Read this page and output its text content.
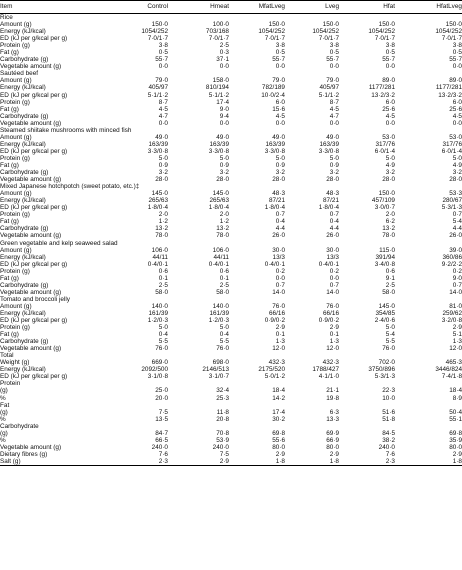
Item	Control	Hmeat	MfatLveg	Lveg	Hfat	HfatLveg
Rice						
Amount (g)	150·0	100·0	150·0	150·0	150·0	150·0
Energy (kJ/kcal)	1054/252	703/168	1054/252	1054/252	1054/252	1054/252
ED (kJ per g/kcal per g)	7·0/1·7	7·0/1·7	7·0/1·7	7·0/1·7	7·0/1·7	7·0/1·7
Protein (g)	3·8	2·5	3·8	3·8	3·8	3·8
Fat (g)	0·5	0·3	0·5	0·5	0·5	0·5
Carbohydrate (g)	55·7	37·1	55·7	55·7	55·7	55·7
Vegetable amount (g)	0·0	0·0	0·0	0·0	0·0	0·0
Sautéed beef						
Amount (g)	79·0	158·0	79·0	79·0	89·0	89·0
Energy (kJ/kcal)	405/97	810/194	782/189	405/97	1177/281	1177/281
ED (kJ per g/kcal per g)	5·1/1·2	5·1/1·2	10·0/2·4	5·1/1·2	13·2/3·2	13·2/3·2
Protein (g)	8·7	17·4	6·0	8·7	6·0	6·0
Fat (g)	4·5	9·0	15·6	4·5	25·6	25·6
Carbohydrate (g)	4·7	9·4	4·5	4·7	4·5	4·5
Vegetable amount (g)	0·0	0·0	0·0	0·0	0·0	0·0
Steamed shiitake mushrooms with minced fish						
Amount (g)	49·0	49·0	49·0	49·0	53·0	53·0
Energy (kJ/kcal)	163/39	163/39	163/39	163/39	317/76	317/76
ED (kJ per g/kcal per g)	3·3/0·8	3·3/0·8	3·3/0·8	3·3/0·8	6·0/1·4	6·0/1·4
Protein (g)	5·0	5·0	5·0	5·0	5·0	5·0
Fat (g)	0·9	0·9	0·9	0·9	4·9	4·9
Carbohydrate (g)	3·2	3·2	3·2	3·2	3·2	3·2
Vegetable amount (g)	28·0	28·0	28·0	28·0	28·0	28·0
Mixed Japanese hotchpotch (sweet potato, etc.)‡						
Amount (g)	145·0	145·0	48·3	48·3	150·0	53·3
Energy (kJ/kcal)	265/63	265/63	87/21	87/21	457/109	280/67
ED (kJ per g/kcal per g)	1·8/0·4	1·8/0·4	1·8/0·4	1·8/0·4	3·0/0·7	5·3/1·3
Protein (g)	2·0	2·0	0·7	0·7	2·0	0·7
Fat (g)	1·2	1·2	0·4	0·4	6·2	5·4
Carbohydrate (g)	13·2	13·2	4·4	4·4	13·2	4·4
Vegetable amount (g)	78·0	78·0	26·0	26·0	78·0	26·0
Green vegetable and kelp seaweed salad						
Amount (g)	106·0	106·0	30·0	30·0	115·0	39·0
Energy (kJ/kcal)	44/11	44/11	13/3	13/3	391/94	360/86
ED (kJ per g/kcal per g)	0·4/0·1	0·4/0·1	0·4/0·1	0·4/0·1	3·4/0·8	9·2/2·2
Protein (g)	0·6	0·6	0·2	0·2	0·6	0·2
Fat (g)	0·1	0·1	0·0	0·0	9·1	9·0
Carbohydrate (g)	2·5	2·5	0·7	0·7	2·5	0·7
Vegetable amount (g)	58·0	58·0	14·0	14·0	58·0	14·0
Tomato and broccoli jelly						
Amount (g)	140·0	140·0	76·0	76·0	145·0	81·0
Energy (kJ/kcal)	161/39	161/39	66/16	66/16	354/85	259/62
ED (kJ per g/kcal per g)	1·2/0·3	1·2/0·3	0·9/0·2	0·9/0·2	2·4/0·6	3·2/0·8
Protein (g)	5·0	5·0	2·9	2·9	5·0	2·9
Fat (g)	0·4	0·4	0·1	0·1	5·4	5·1
Carbohydrate (g)	5·5	5·5	1·3	1·3	5·5	1·3
Vegetable amount (g)	76·0	76·0	12·0	12·0	76·0	12·0
Total						
Weight (g)	669·0	698·0	432·3	432·3	702·0	465·3
Energy (kJ/kcal)	2092/500	2146/513	2175/520	1788/427	3750/896	3446/824
ED (kJ per g/kcal per g)	3·1/0·8	3·1/0·7	5·0/1·2	4·1/1·0	5·3/1·3	7·4/1·8
Protein						
(g)	25·0	32·4	18·4	21·1	22·3	18·4
%	20·0	25·3	14·2	19·8	10·0	8·9
Fat						
(g)	7·5	11·8	17·4	6·3	51·6	50·4
%	13·5	20·8	30·2	13·3	51·8	55·1
Carbohydrate						
(g)	84·7	70·8	69·8	69·9	84·5	69·8
%	66·5	53·9	55·6	66·9	38·2	35·9
Vegetable amount (g)	240·0	240·0	80·0	80·0	240·0	80·0
Dietary fibres (g)	7·6	7·5	2·9	2·9	7·6	2·9
Salt (g)	2·3	2·9	1·8	1·8	2·3	1·8
